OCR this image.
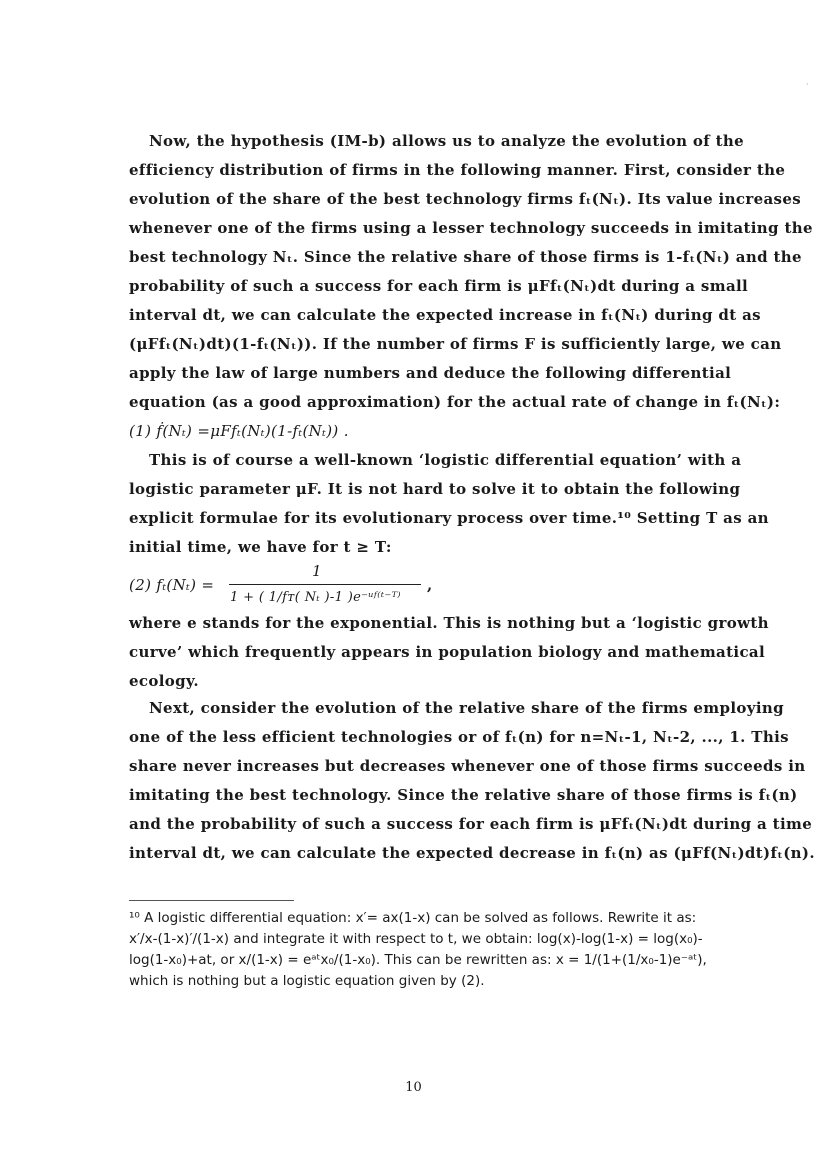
Now, the hypothesis (IM-b) allows us to analyze the evolution of the
efficiency distribution of firms in the following manner. First, consider the
evolution of the share of the best technology firms fₜ(Nₜ). Its value increases
whenever one of the firms using a lesser technology succeeds in imitating the
best technology Nₜ. Since the relative share of those firms is 1-fₜ(Nₜ) and the
probability of such a success for each firm is μFfₜ(Nₜ)dt during a small
interval dt, we can calculate the expected increase in fₜ(Nₜ) during dt as
(μFfₜ(Nₜ)dt)(1-fₜ(Nₜ)). If the number of firms F is sufficiently large, we can
apply the law of large numbers and deduce the following differential
equation (as a good approximation) for the actual rate of change in fₜ(Nₜ):
(1) ḟ(Nₜ) =μFfₜ(Nₜ)(1-fₜ(Nₜ)) .
This is of course a well-known ‘logistic differential equation’ with a
logistic parameter μF. It is not hard to solve it to obtain the following
explicit formulae for its evolutionary process over time.¹⁰ Setting T as an
initial time, we have for t ≥ T:
(2) fₜ(Nₜ) =
1
1 + ( 1/fᴛ( Nₜ )-1 )e⁻ᵘᶠ⁽ᵗ⁻ᵀ⁾
,
where e stands for the exponential. This is nothing but a ‘logistic growth
curve’ which frequently appears in population biology and mathematical
ecology.
Next, consider the evolution of the relative share of the firms employing
one of the less efficient technologies or of fₜ(n) for n=Nₜ-1, Nₜ-2, ..., 1. This
share never increases but decreases whenever one of those firms succeeds in
imitating the best technology. Since the relative share of those firms is fₜ(n)
and the probability of such a success for each firm is μFfₜ(Nₜ)dt during a time
interval dt, we can calculate the expected decrease in fₜ(n) as (μFf(Nₜ)dt)fₜ(n).
¹⁰ A logistic differential equation: x′= ax(1-x) can be solved as follows. Rewrite it as:
x′/x-(1-x)′/(1-x) and integrate it with respect to t, we obtain: log(x)-log(1-x) = log(x₀)-
log(1-x₀)+at, or x/(1-x) = eᵃᵗx₀/(1-x₀). This can be rewritten as: x = 1/(1+(1/x₀-1)e⁻ᵃᵗ),
which is nothing but a logistic equation given by (2).
10
·
